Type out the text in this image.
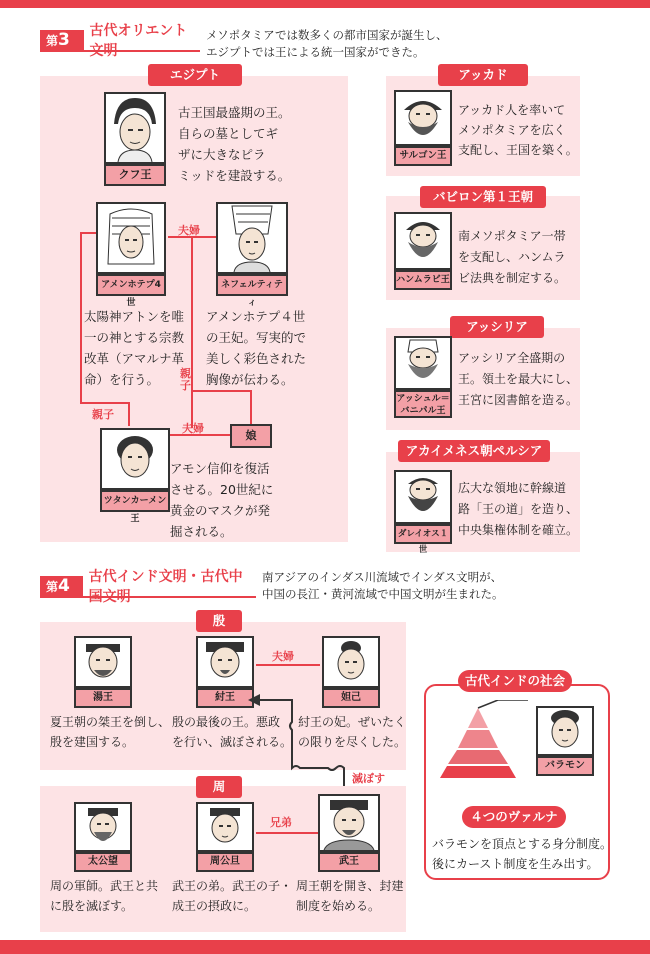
第3章
古代オリエント文明
メソポタミアでは数多くの都市国家が誕生し、
エジプトでは王による統一国家ができた。
エジプト
クフ王
古王国最盛期の王。
自らの墓としてギ
ザに大きなピラ
ミッドを建設する。
夫婦
親子
親子
夫婦
アメンホテプ4世
太陽神アトンを唯
一の神とする宗教
改革（アマルナ革
命）を行う。
ネフェルティティ
アメンホテプ４世
の王妃。写実的で
美しく彩色された
胸像が伝わる。
ツタンカーメン王
アモン信仰を復活
させる。20世紀に
黄金のマスクが発
掘される。
娘
アッカド
サルゴン王
アッカド人を率いて
メソポタミアを広く
支配し、王国を築く。
バビロン第１王朝
ハンムラビ王
南メソポタミア一帯
を支配し、ハンムラ
ビ法典を制定する。
アッシリア
アッシュル＝
バニパル王
アッシリア全盛期の
王。領土を最大にし、
王宮に図書館を造る。
アカイメネス朝ペルシア
ダレイオス１世
広大な領地に幹線道
路「王の道」を造り、
中央集権体制を確立。
第4章
古代インド文明・古代中国文明
南アジアのインダス川流域でインダス文明が、
中国の長江・黄河流域で中国文明が生まれた。
殷
湯王
夏王朝の桀王を倒し、
殷を建国する。
紂王
殷の最後の王。悪政
を行い、滅ぼされる。
夫婦
妲己
紂王の妃。ぜいたく
の限りを尽くした。
滅ぼす
周
太公望
周の軍師。武王と共
に殷を滅ぼす。
周公旦
武王の弟。武王の子・
成王の摂政に。
兄弟
武王
周王朝を開き、封建
制度を始める。
古代インドの社会
バラモン
４つのヴァルナ
バラモンを頂点とする身分制度。
後にカースト制度を生み出す。
